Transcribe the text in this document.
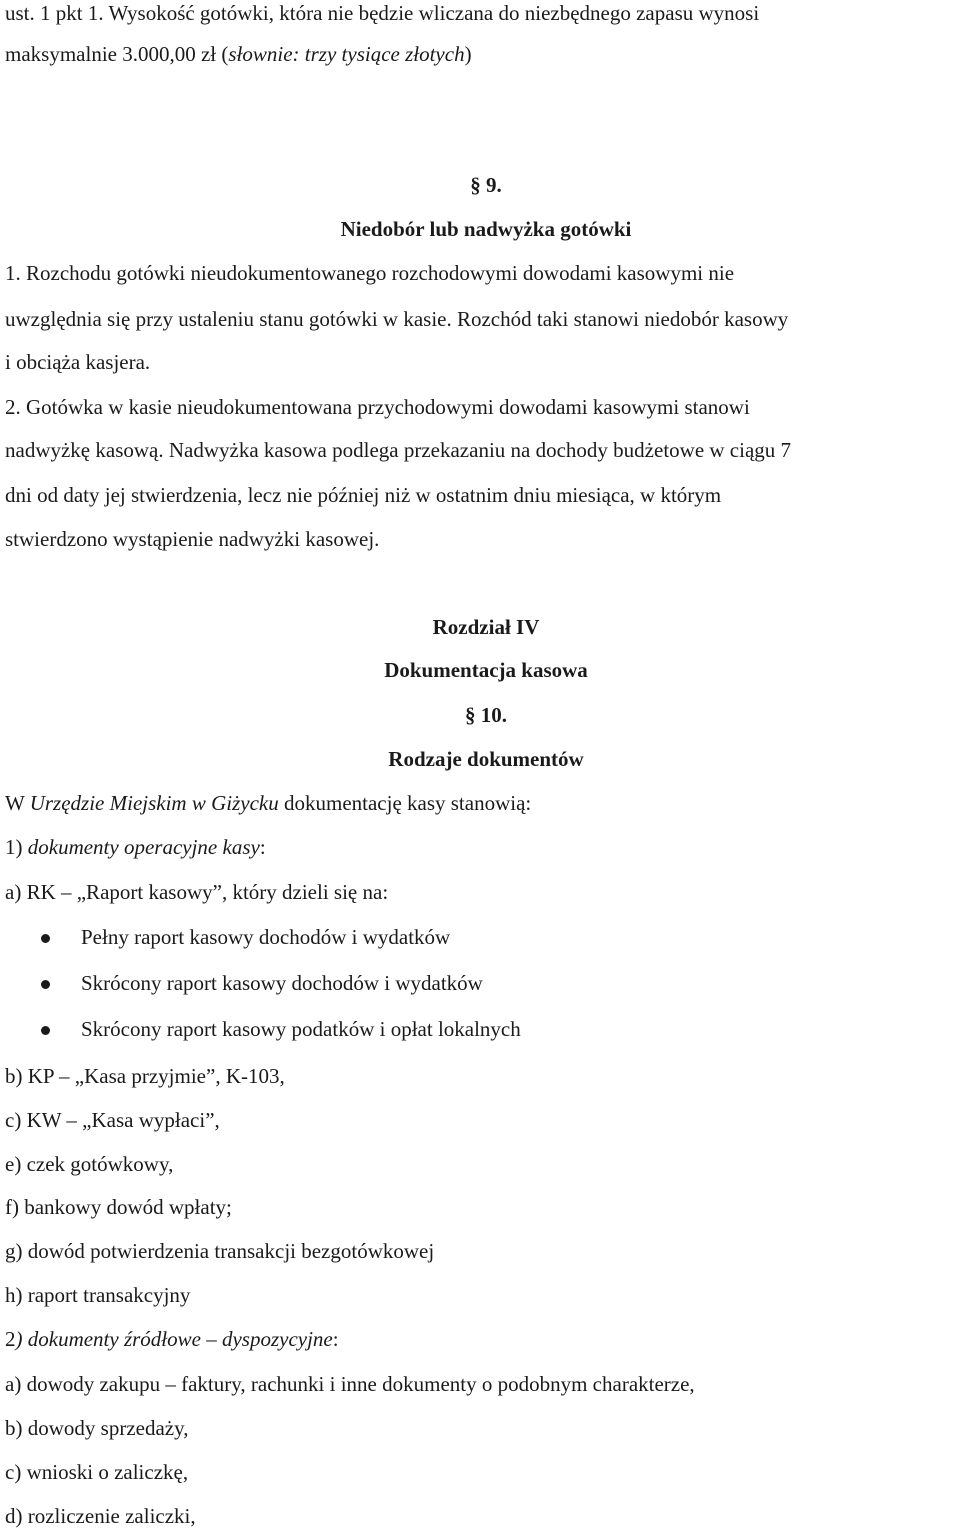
ust. 1 pkt 1. Wysokość gotówki, która nie będzie wliczana do niezbędnego zapasu wynosi
maksymalnie 3.000,00 zł (słownie: trzy tysiące złotych)
§ 9.
Niedobór lub nadwyżka gotówki
1. Rozchodu gotówki nieudokumentowanego rozchodowymi dowodami kasowymi nie
uwzględnia się przy ustaleniu stanu gotówki w kasie. Rozchód taki stanowi niedobór kasowy
i obciąża kasjera.
2. Gotówka w kasie nieudokumentowana przychodowymi dowodami kasowymi stanowi
nadwyżkę kasową. Nadwyżka kasowa podlega przekazaniu na dochody budżetowe w ciągu 7
dni od daty jej stwierdzenia, lecz nie później niż w ostatnim dniu miesiąca, w którym
stwierdzono wystąpienie nadwyżki kasowej.
Rozdział IV
Dokumentacja kasowa
§ 10.
Rodzaje dokumentów
W Urzędzie Miejskim w Giżycku dokumentację kasy stanowią:
1) dokumenty operacyjne kasy:
a) RK – „Raport kasowy”, który dzieli się na:
Pełny raport kasowy dochodów i wydatków
Skrócony raport kasowy dochodów i wydatków
Skrócony raport kasowy podatków i opłat lokalnych
b) KP – „Kasa przyjmie”, K-103,
c) KW – „Kasa wypłaci”,
e) czek gotówkowy,
f) bankowy dowód wpłaty;
g) dowód potwierdzenia transakcji bezgotówkowej
h) raport transakcyjny
2) dokumenty źródłowe – dyspozycyjne:
a) dowody zakupu – faktury, rachunki i inne dokumenty o podobnym charakterze,
b) dowody sprzedaży,
c) wnioski o zaliczkę,
d) rozliczenie zaliczki,
